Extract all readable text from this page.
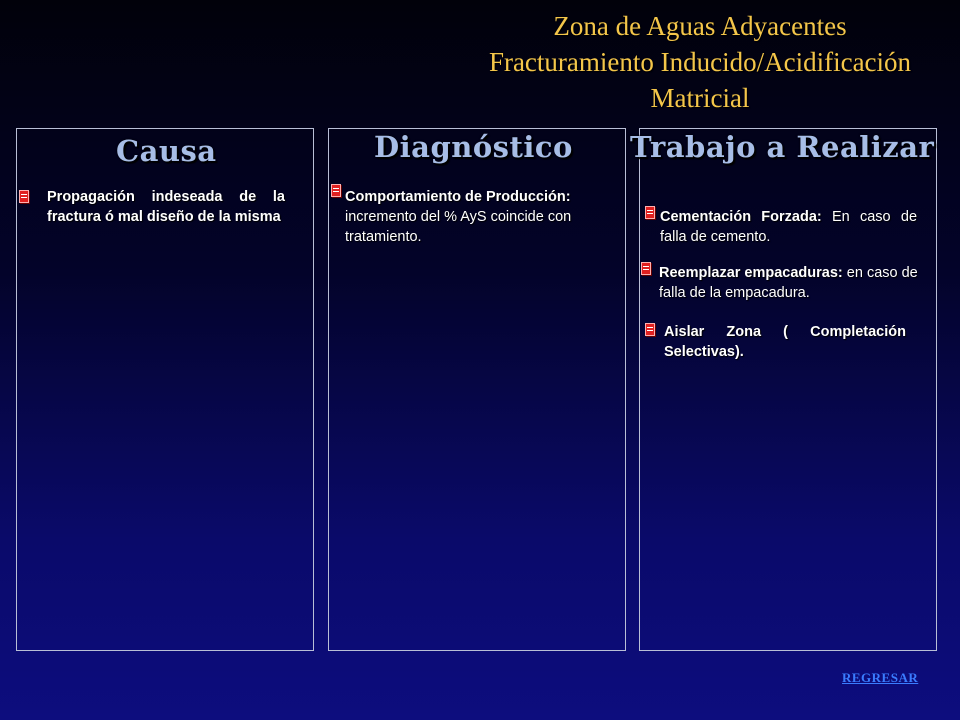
Zona de Aguas Adyacentes
Fracturamiento Inducido/Acidificación
Matricial
Causa	Diagnóstico Trabajo a Realizar
Propagación indeseada de la fractura ó mal diseño de la misma
Comportamiento de Producción: incremento del % AyS coincide con tratamiento.
Cementación Forzada: En caso de falla de cemento.
Reemplazar empacaduras: en caso de falla de la empacadura.
Aislar Zona ( Completación Selectivas).
REGRESAR
